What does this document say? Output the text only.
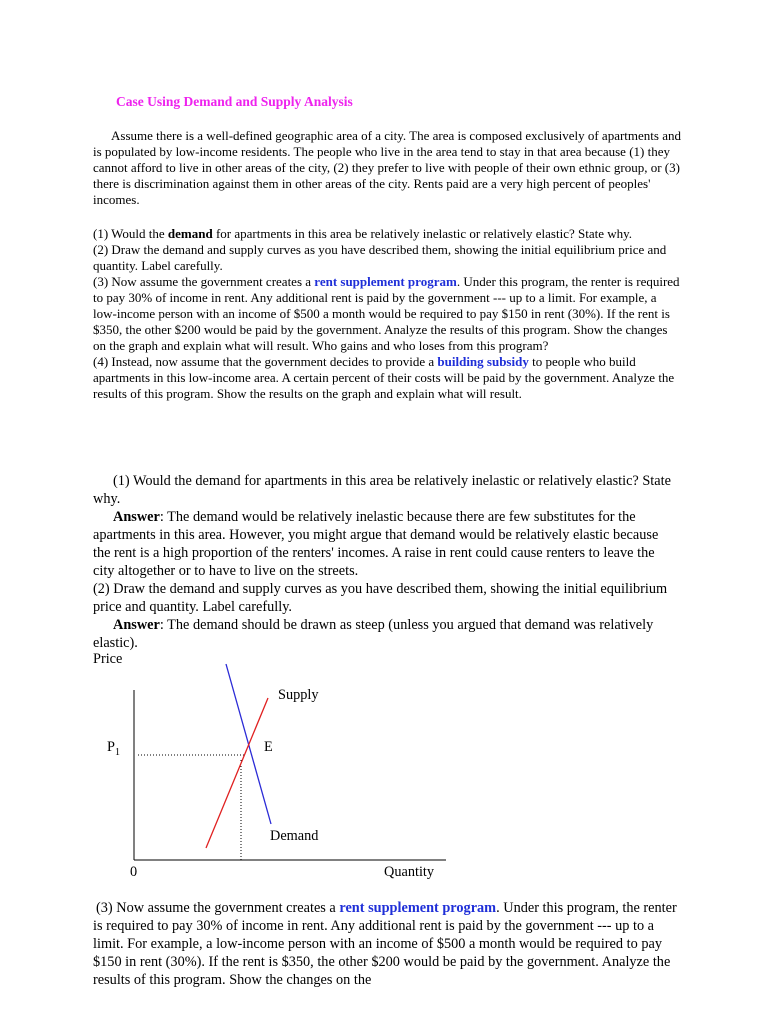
Case Using Demand and Supply Analysis

Assume there is a well-defined geographic area of a city. The area is composed exclusively of apartments and is populated by low-income residents. The people who live in the area tend to stay in that area because (1) they cannot afford to live in other areas of the city, (2) they prefer to live with people of their own ethnic group, or (3) there is discrimination against them in other areas of the city. Rents paid are a very high percent of peoples' incomes.

(1) Would the demand for apartments in this area be relatively inelastic or relatively elastic? State why.

(2) Draw the demand and supply curves as you have described them, showing the initial equilibrium price and quantity. Label carefully.

(3) Now assume the government creates a rent supplement program. Under this program, the renter is required to pay 30% of income in rent. Any additional rent is paid by the government --- up to a limit. For example, a low-income person with an income of $500 a month would be required to pay $150 in rent (30%). If the rent is $350, the other $200 would be paid by the government. Analyze the results of this program. Show the changes on the graph and explain what will result. Who gains and who loses from this program?

(4) Instead, now assume that the government decides to provide a building subsidy to people who build apartments in this low-income area. A certain percent of their costs will be paid by the government. Analyze the results of this program. Show the results on the graph and explain what will result.

(1) Would the demand for apartments in this area be relatively inelastic or relatively elastic? State why.

Answer: The demand would be relatively inelastic because there are few substitutes for the apartments in this area. However, you might argue that demand would be relatively elastic because the rent is a high proportion of the renters' incomes. A raise in rent could cause renters to leave the city altogether or to have to live on the streets.

(2) Draw the demand and supply curves as you have described them, showing the initial equilibrium price and quantity. Label carefully.

Answer: The demand should be drawn as steep (unless you argued that demand was relatively elastic).

Price
Supply
$P_1$	E
Demand
0	Quantity

(3) Now assume the government creates a rent supplement program. Under this program, the renter is required to pay 30% of income in rent. Any additional rent is paid by the government --- up to a limit. For example, a low-income person with an income of $500 a month would be required to pay $150 in rent (30%). If the rent is $350, the other $200 would be paid by the government. Analyze the results of this program. Show the changes on the
